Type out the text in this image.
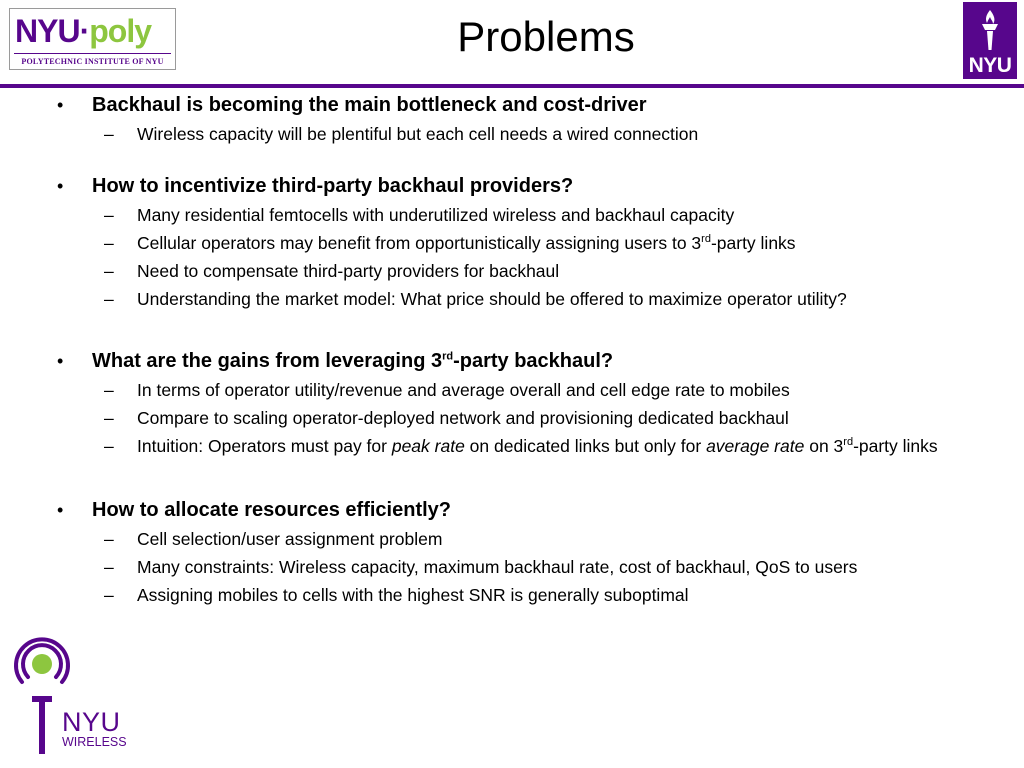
NYU·poly
POLYTECHNIC INSTITUTE OF NYU
Problems
NYU
• Backhaul is becoming the main bottleneck and cost-driver
– Wireless capacity will be plentiful but each cell needs a wired connection
• How to incentivize third-party backhaul providers?
– Many residential femtocells with underutilized wireless and backhaul capacity
– Cellular operators may benefit from opportunistically assigning users to 3rd-party links
– Need to compensate third-party providers for backhaul
– Understanding the market model: What price should be offered to maximize operator utility?
• What are the gains from leveraging 3rd-party backhaul?
– In terms of operator utility/revenue and average overall and cell edge rate to mobiles
– Compare to scaling operator-deployed network and provisioning dedicated backhaul
– Intuition: Operators must pay for peak rate on dedicated links but only for average rate on 3rd-party links
• How to allocate resources efficiently?
– Cell selection/user assignment problem
– Many constraints: Wireless capacity, maximum backhaul rate, cost of backhaul, QoS to users
– Assigning mobiles to cells with the highest SNR is generally suboptimal
NYU
WIRELESS
